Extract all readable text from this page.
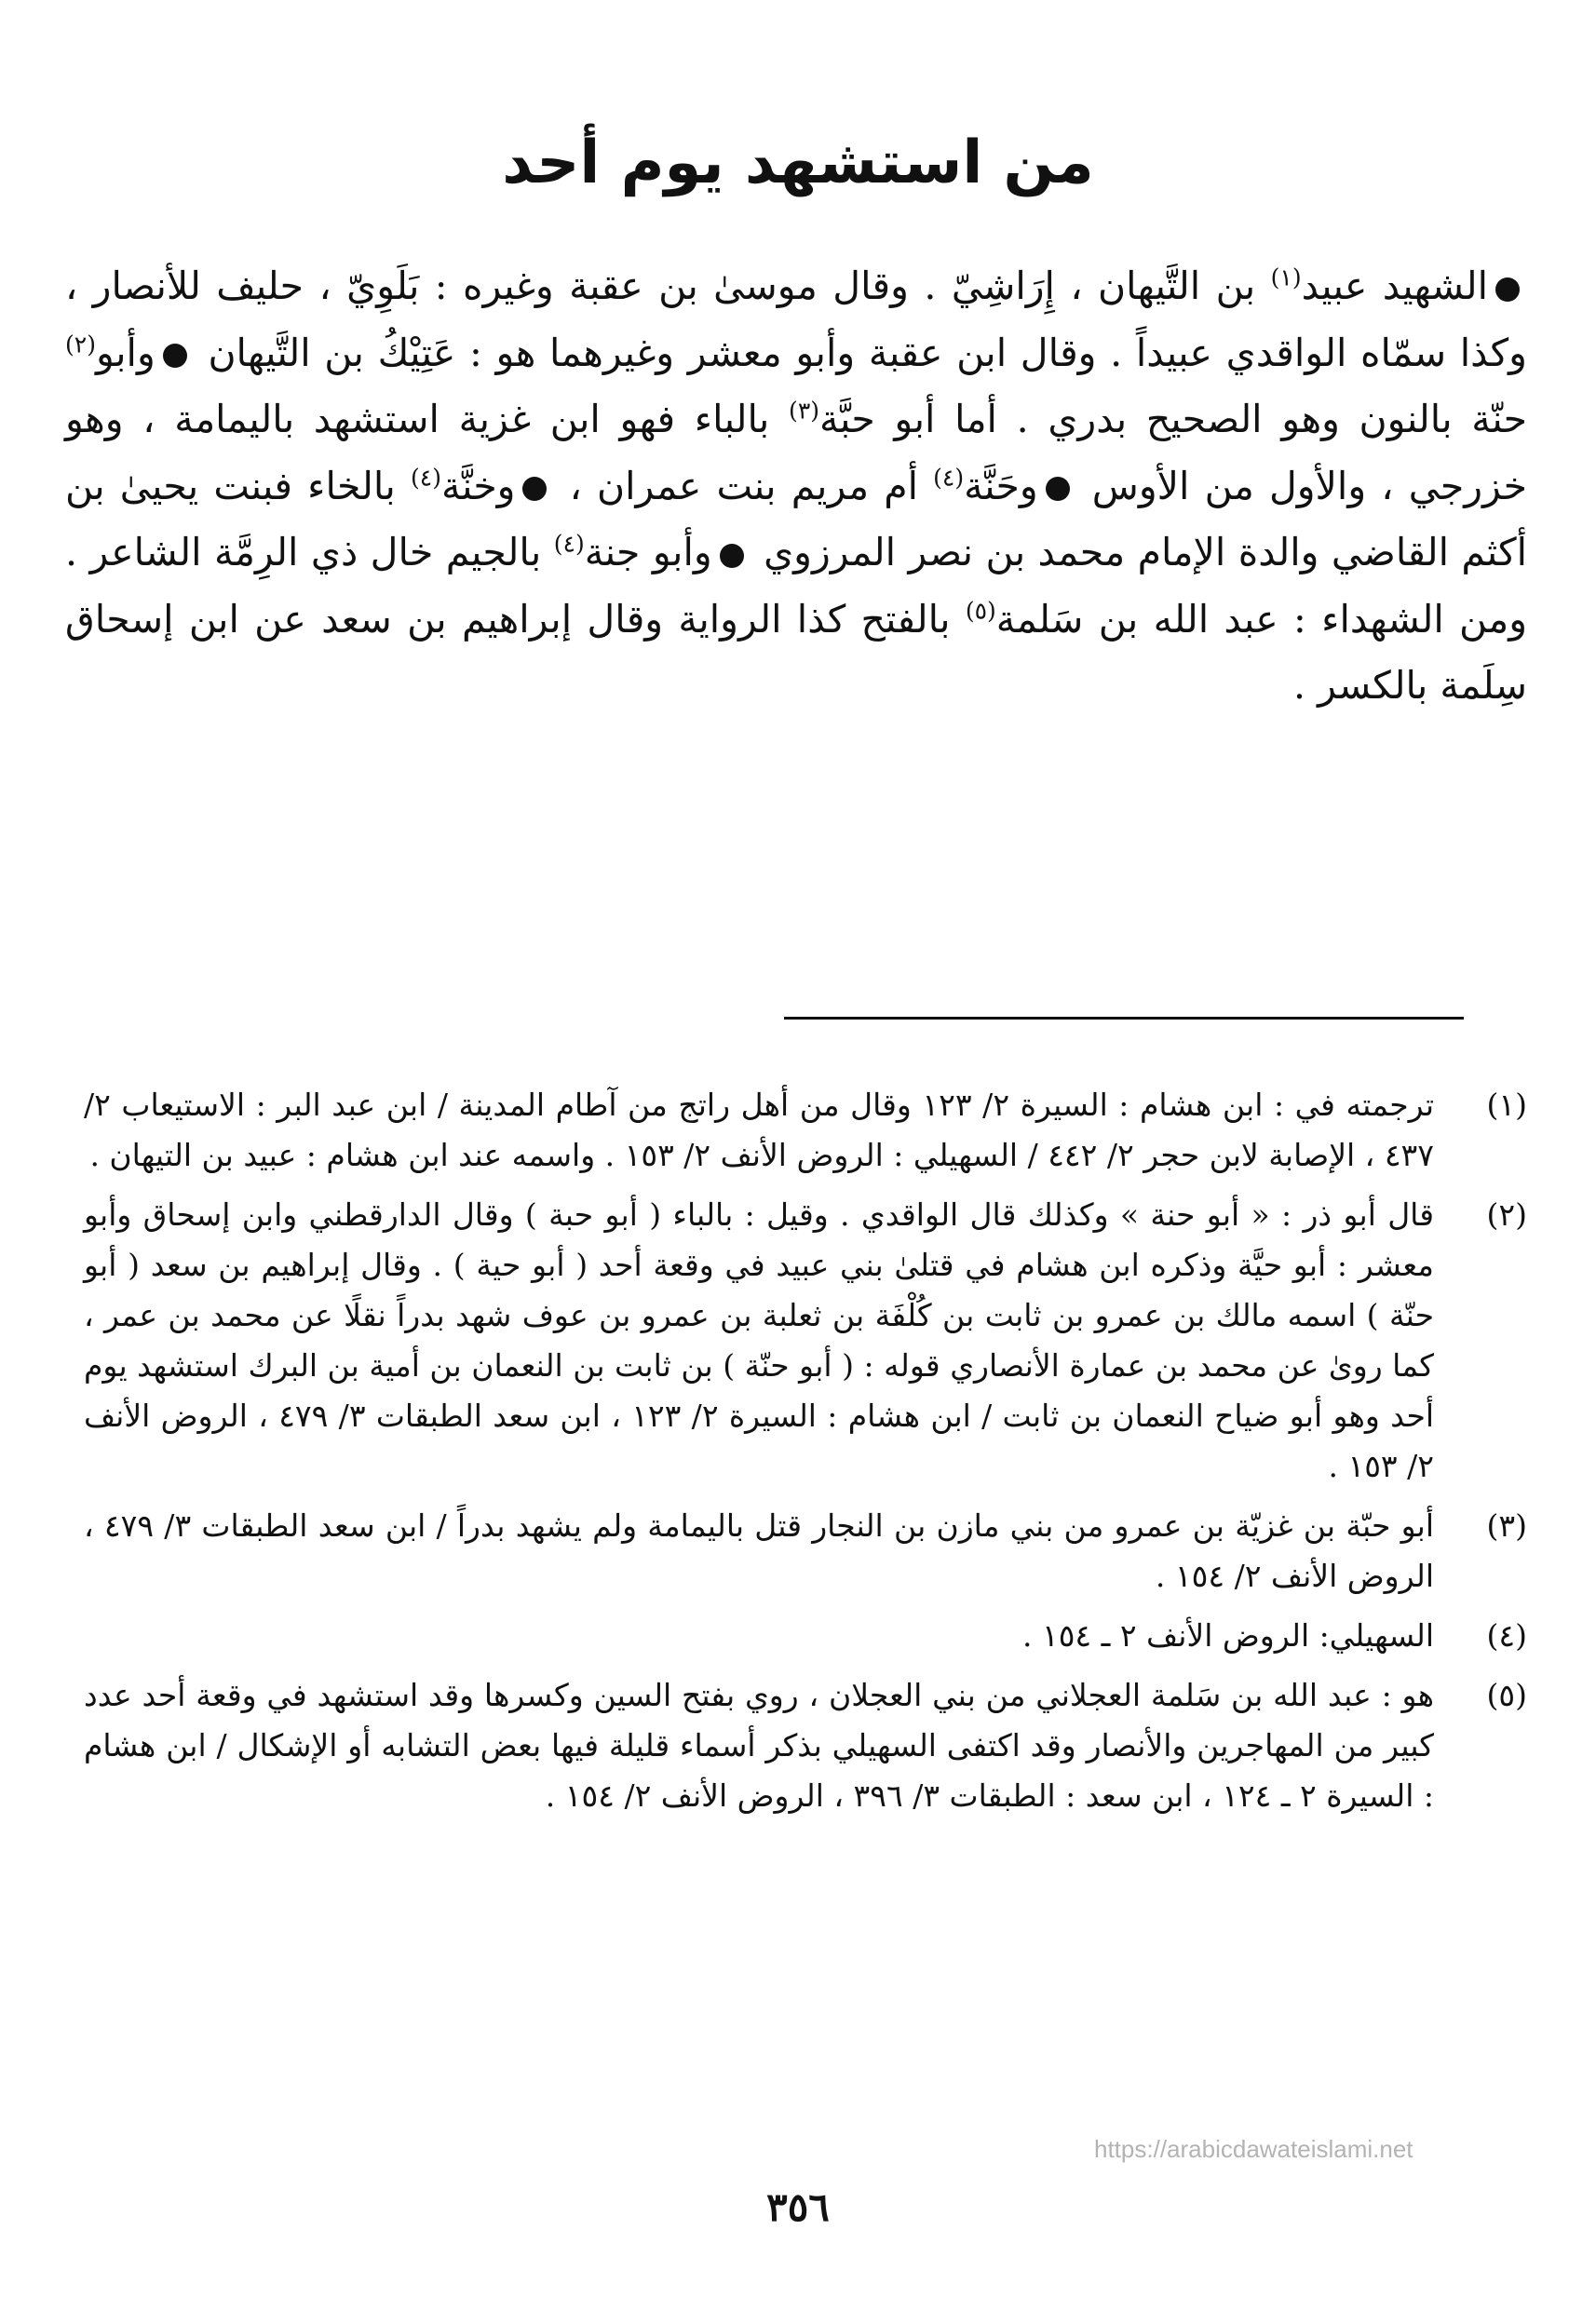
من استشهد يوم أحد

الشهيد عبيد$^{(١)}$ بن التَّيهان ، إِرَاشِيّ . وقال موسىٰ بن عقبة وغيره : بَلَوِيّ ، حليف للأنصار ، وكذا سمّاه الواقدي عبيداً . وقال ابن عقبة وأبو معشر وغيرهما هو : عَتِيْكُ بن التَّيهان وأبو$^{(٢)}$ حنّة بالنون وهو الصحيح بدري . أما أبو حبَّة$^{(٣)}$ بالباء فهو ابن غزية استشهد باليمامة ، وهو خزرجي ، والأول من الأوس وحَنَّة$^{(٤)}$ أم مريم بنت عمران ، وخنَّة$^{(٤)}$ بالخاء فبنت يحيىٰ بن أكثم القاضي والدة الإمام محمد بن نصر المرزوي وأبو جنة$^{(٤)}$ بالجيم خال ذي الرِمَّة الشاعر . ومن الشهداء : عبد الله بن سَلمة$^{(٥)}$ بالفتح كذا الرواية وقال إبراهيم بن سعد عن ابن إسحاق سِلَمة بالكسر .

(١)
ترجمته في : ابن هشام : السيرة ٢/ ١٢٣ وقال من أهل راتج من آطام المدينة / ابن عبد البر : الاستيعاب ٢/ ٤٣٧ ، الإصابة لابن حجر ٢/ ٤٤٢ / السهيلي : الروض الأنف ٢/ ١٥٣ . واسمه عند ابن هشام : عبيد بن التيهان .
(٢)
قال أبو ذر : « أبو حنة » وكذلك قال الواقدي . وقيل : بالباء ( أبو حبة ) وقال الدارقطني وابن إسحاق وأبو معشر : أبو حيَّة وذكره ابن هشام في قتلىٰ بني عبيد في وقعة أحد ( أبو حية ) . وقال إبراهيم بن سعد ( أبو حنّة ) اسمه مالك بن عمرو بن ثابت بن كُلْفَة بن ثعلبة بن عمرو بن عوف شهد بدراً نقلًا عن محمد بن عمر ، كما روىٰ عن محمد بن عمارة الأنصاري قوله : ( أبو حنّة ) بن ثابت بن النعمان بن أمية بن البرك استشهد يوم أحد وهو أبو ضياح النعمان بن ثابت / ابن هشام : السيرة ٢/ ١٢٣ ، ابن سعد الطبقات ٣/ ٤٧٩ ، الروض الأنف ٢/ ١٥٣ .
(٣)
أبو حبّة بن غزيّة بن عمرو من بني مازن بن النجار قتل باليمامة ولم يشهد بدراً / ابن سعد الطبقات ٣/ ٤٧٩ ، الروض الأنف ٢/ ١٥٤ .
(٤)
السهيلي: الروض الأنف ٢ ـ ١٥٤ .
(٥)
هو : عبد الله بن سَلمة العجلاني من بني العجلان ، روي بفتح السين وكسرها وقد استشهد في وقعة أحد عدد كبير من المهاجرين والأنصار وقد اكتفى السهيلي بذكر أسماء قليلة فيها بعض التشابه أو الإشكال / ابن هشام : السيرة ٢ ـ ١٢٤ ، ابن سعد : الطبقات ٣/ ٣٩٦ ، الروض الأنف ٢/ ١٥٤ .
https://arabicdawateislami.net
٣٥٦
